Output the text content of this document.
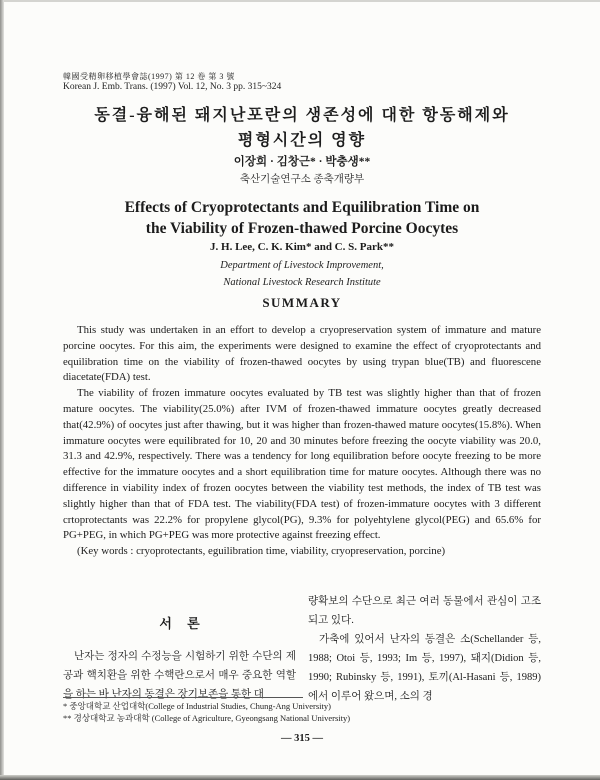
韓國受精卵移植學會誌(1997) 第 12 卷 第 3 號
Korean J. Emb. Trans. (1997) Vol. 12, No. 3 pp. 315~324
동결-융해된 돼지난포란의 생존성에 대한 항동해제와
평형시간의 영향
이장희 · 김창근* · 박충생**
축산기술연구소 종축개량부
Effects of Cryoprotectants and Equilibration Time on
the Viability of Frozen-thawed Porcine Oocytes
J. H. Lee, C. K. Kim* and C. S. Park**
Department of Livestock Improvement,
National Livestock Research Institute
SUMMARY

This study was undertaken in an effort to develop a cryopreservation system of immature and mature porcine oocytes. For this aim, the experiments were designed to examine the effect of cryoprotectants and equilibration time on the viability of frozen-thawed oocytes by using trypan blue(TB) and fluorescene diacetate(FDA) test.

The viability of frozen immature oocytes evaluated by TB test was slightly higher than that of frozen mature oocytes. The viability(25.0%) after IVM of frozen-thawed immature oocytes greatly decreased that(42.9%) of oocytes just after thawing, but it was higher than frozen-thawed mature oocytes(15.8%). When immature oocytes were equilibrated for 10, 20 and 30 minutes before freezing the oocyte viability was 20.0, 31.3 and 42.9%, respectively. There was a tendency for long equilibration before oocyte freezing to be more effective for the immature oocytes and a short equilibration time for mature oocytes. Although there was no difference in viability index of frozen oocytes between the viability test methods, the index of TB test was slightly higher than that of FDA test. The viability(FDA test) of frozen-immature oocytes with 3 different crtoprotectants was 22.2% for propylene glycol(PG), 9.3% for polyehtylene glycol(PEG) and 65.6% for PG+PEG, in which PG+PEG was more protective against freezing effect.

(Key words : cryoprotectants, eguilibration time, viability, cryopreservation, porcine)

서 론

난자는 정자의 수정능을 시험하기 위한 수단의 제공과 핵치환을 위한 수핵란으로서 매우 중요한 역할을 하는 바 난자의 동결은 장기보존을 통한 대

량확보의 수단으로 최근 여러 동물에서 관심이 고조되고 있다.

가축에 있어서 난자의 동결은 소(Schellander 등, 1988; Otoi 등, 1993; Im 등, 1997), 돼지(Didion 등, 1990; Rubinsky 등, 1991), 토끼(Al-Hasani 등, 1989)에서 이루어 왔으며, 소의 경

* 중앙대학교 산업대학(College of Industrial Studies, Chung-Ang University)
** 경상대학교 농과대학 (College of Agriculture, Gyeongsang National University)
— 315 —
